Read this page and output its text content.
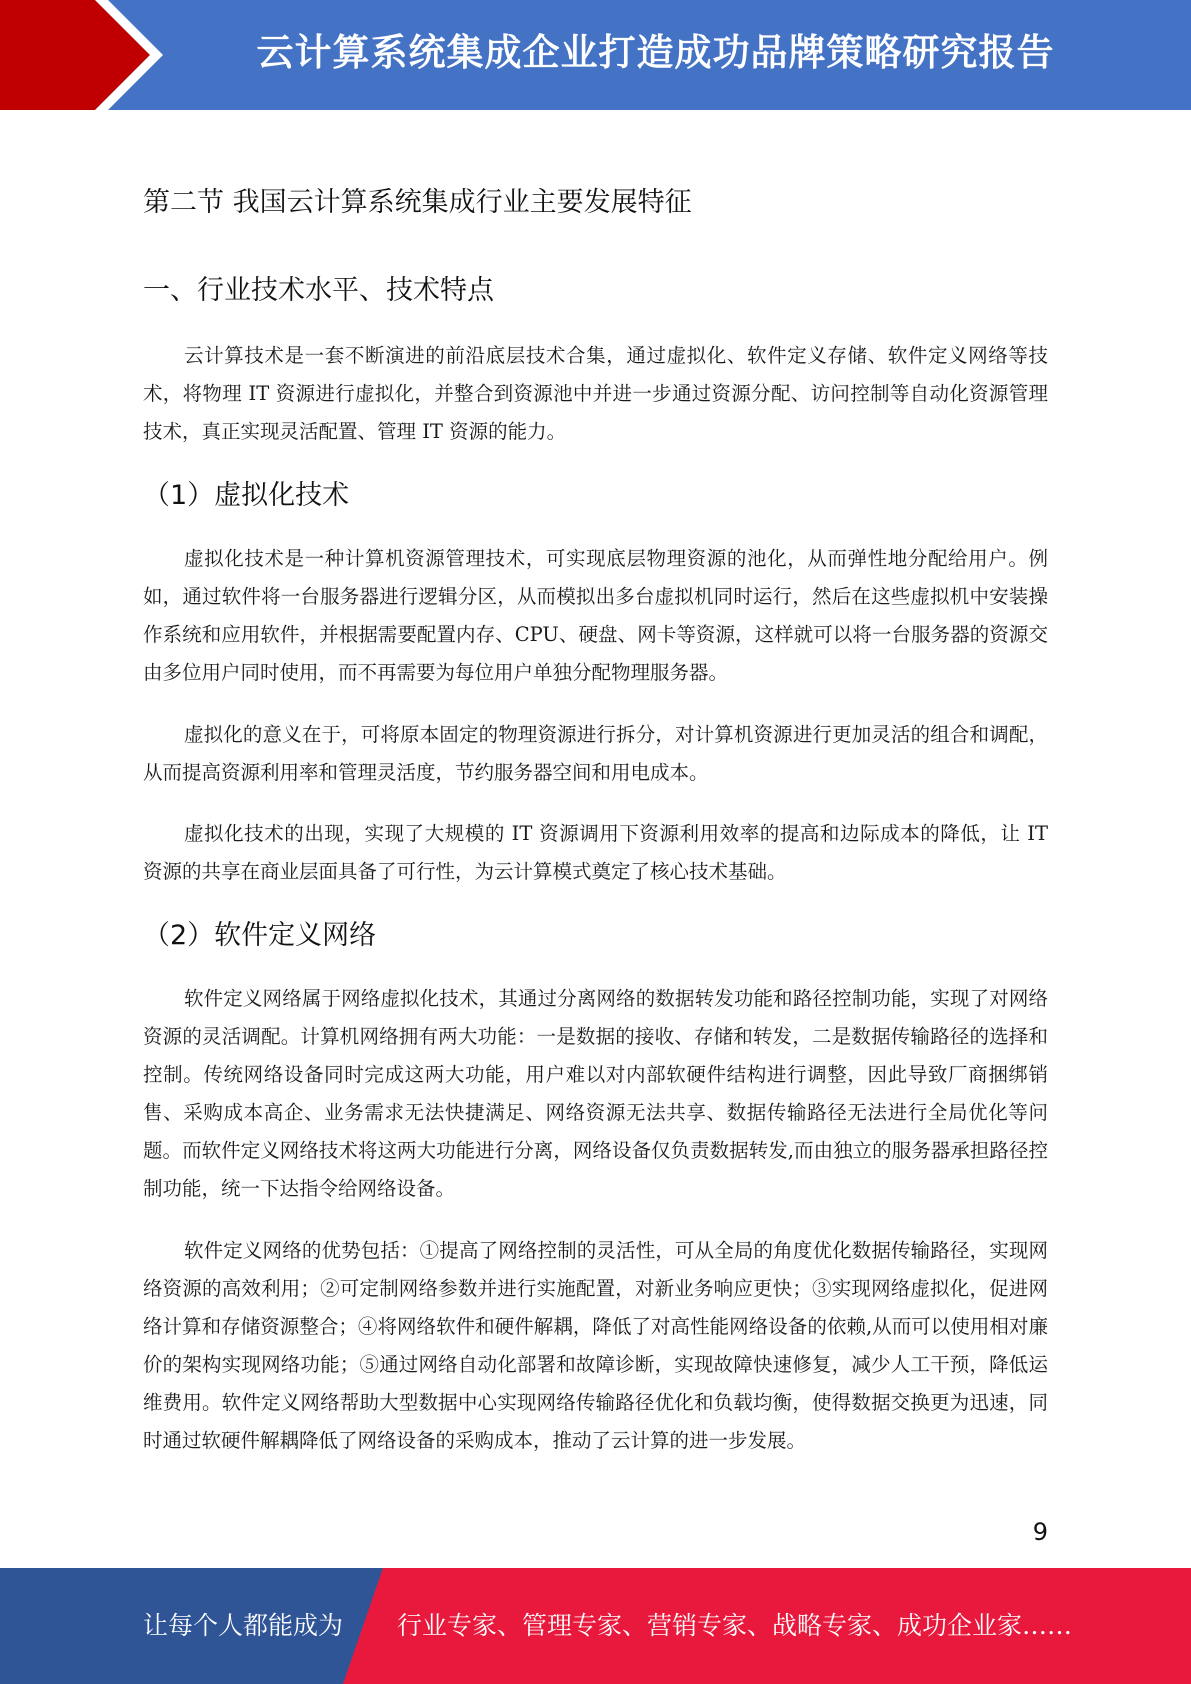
云计算系统集成企业打造成功品牌策略研究报告
第二节 我国云计算系统集成行业主要发展特征
一、行业技术水平、技术特点

云计算技术是一套不断演进的前沿底层技术合集，通过虚拟化、软件定义存储、软件定义网络等技术，将物理 IT 资源进行虚拟化，并整合到资源池中并进一步通过资源分配、访问控制等自动化资源管理技术，真正实现灵活配置、管理 IT 资源的能力。

（1）虚拟化技术

虚拟化技术是一种计算机资源管理技术，可实现底层物理资源的池化，从而弹性地分配给用户。例如，通过软件将一台服务器进行逻辑分区，从而模拟出多台虚拟机同时运行，然后在这些虚拟机中安装操作系统和应用软件，并根据需要配置内存、CPU、硬盘、网卡等资源，这样就可以将一台服务器的资源交由多位用户同时使用，而不再需要为每位用户单独分配物理服务器。

虚拟化的意义在于，可将原本固定的物理资源进行拆分，对计算机资源进行更加灵活的组合和调配，从而提高资源利用率和管理灵活度，节约服务器空间和用电成本。

虚拟化技术的出现，实现了大规模的 IT 资源调用下资源利用效率的提高和边际成本的降低，让 IT 资源的共享在商业层面具备了可行性，为云计算模式奠定了核心技术基础。

（2）软件定义网络

软件定义网络属于网络虚拟化技术，其通过分离网络的数据转发功能和路径控制功能，实现了对网络资源的灵活调配。计算机网络拥有两大功能：一是数据的接收、存储和转发，二是数据传输路径的选择和控制。传统网络设备同时完成这两大功能，用户难以对内部软硬件结构进行调整，因此导致厂商捆绑销售、采购成本高企、业务需求无法快捷满足、网络资源无法共享、数据传输路径无法进行全局优化等问题。而软件定义网络技术将这两大功能进行分离，网络设备仅负责数据转发,而由独立的服务器承担路径控制功能，统一下达指令给网络设备。

软件定义网络的优势包括：①提高了网络控制的灵活性，可从全局的角度优化数据传输路径，实现网络资源的高效利用；②可定制网络参数并进行实施配置，对新业务响应更快；③实现网络虚拟化，促进网络计算和存储资源整合；④将网络软件和硬件解耦，降低了对高性能网络设备的依赖,从而可以使用相对廉价的架构实现网络功能；⑤通过网络自动化部署和故障诊断，实现故障快速修复，减少人工干预，降低运维费用。软件定义网络帮助大型数据中心实现网络传输路径优化和负载均衡，使得数据交换更为迅速，同时通过软硬件解耦降低了网络设备的采购成本，推动了云计算的进一步发展。

9
让每个人都能成为 行业专家、管理专家、营销专家、战略专家、成功企业家……
